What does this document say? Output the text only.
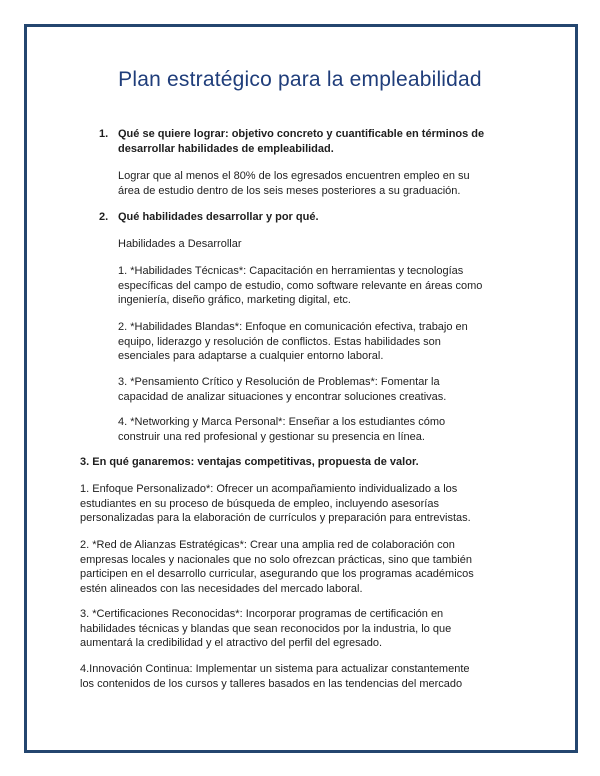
Plan estratégico para la empleabilidad
1. Qué se quiere lograr: objetivo concreto y cuantificable en términos de
desarrollar habilidades de empleabilidad.

Lograr que al menos el 80% de los egresados encuentren empleo en su
área de estudio dentro de los seis meses posteriores a su graduación.

2. Qué habilidades desarrollar y por qué.

Habilidades a Desarrollar

1. *Habilidades Técnicas*: Capacitación en herramientas y tecnologías
específicas del campo de estudio, como software relevante en áreas como
ingeniería, diseño gráfico, marketing digital, etc.

2. *Habilidades Blandas*: Enfoque en comunicación efectiva, trabajo en
equipo, liderazgo y resolución de conflictos. Estas habilidades son
esenciales para adaptarse a cualquier entorno laboral.

3. *Pensamiento Crítico y Resolución de Problemas*: Fomentar la
capacidad de analizar situaciones y encontrar soluciones creativas.

4. *Networking y Marca Personal*: Enseñar a los estudiantes cómo
construir una red profesional y gestionar su presencia en línea.

3. En qué ganaremos: ventajas competitivas, propuesta de valor.

1. Enfoque Personalizado*: Ofrecer un acompañamiento individualizado a los
estudiantes en su proceso de búsqueda de empleo, incluyendo asesorías
personalizadas para la elaboración de currículos y preparación para entrevistas.

2. *Red de Alianzas Estratégicas*: Crear una amplia red de colaboración con
empresas locales y nacionales que no solo ofrezcan prácticas, sino que también
participen en el desarrollo curricular, asegurando que los programas académicos
estén alineados con las necesidades del mercado laboral.

3. *Certificaciones Reconocidas*: Incorporar programas de certificación en
habilidades técnicas y blandas que sean reconocidos por la industria, lo que
aumentará la credibilidad y el atractivo del perfil del egresado.

4.Innovación Continua: Implementar un sistema para actualizar constantemente
los contenidos de los cursos y talleres basados en las tendencias del mercado
